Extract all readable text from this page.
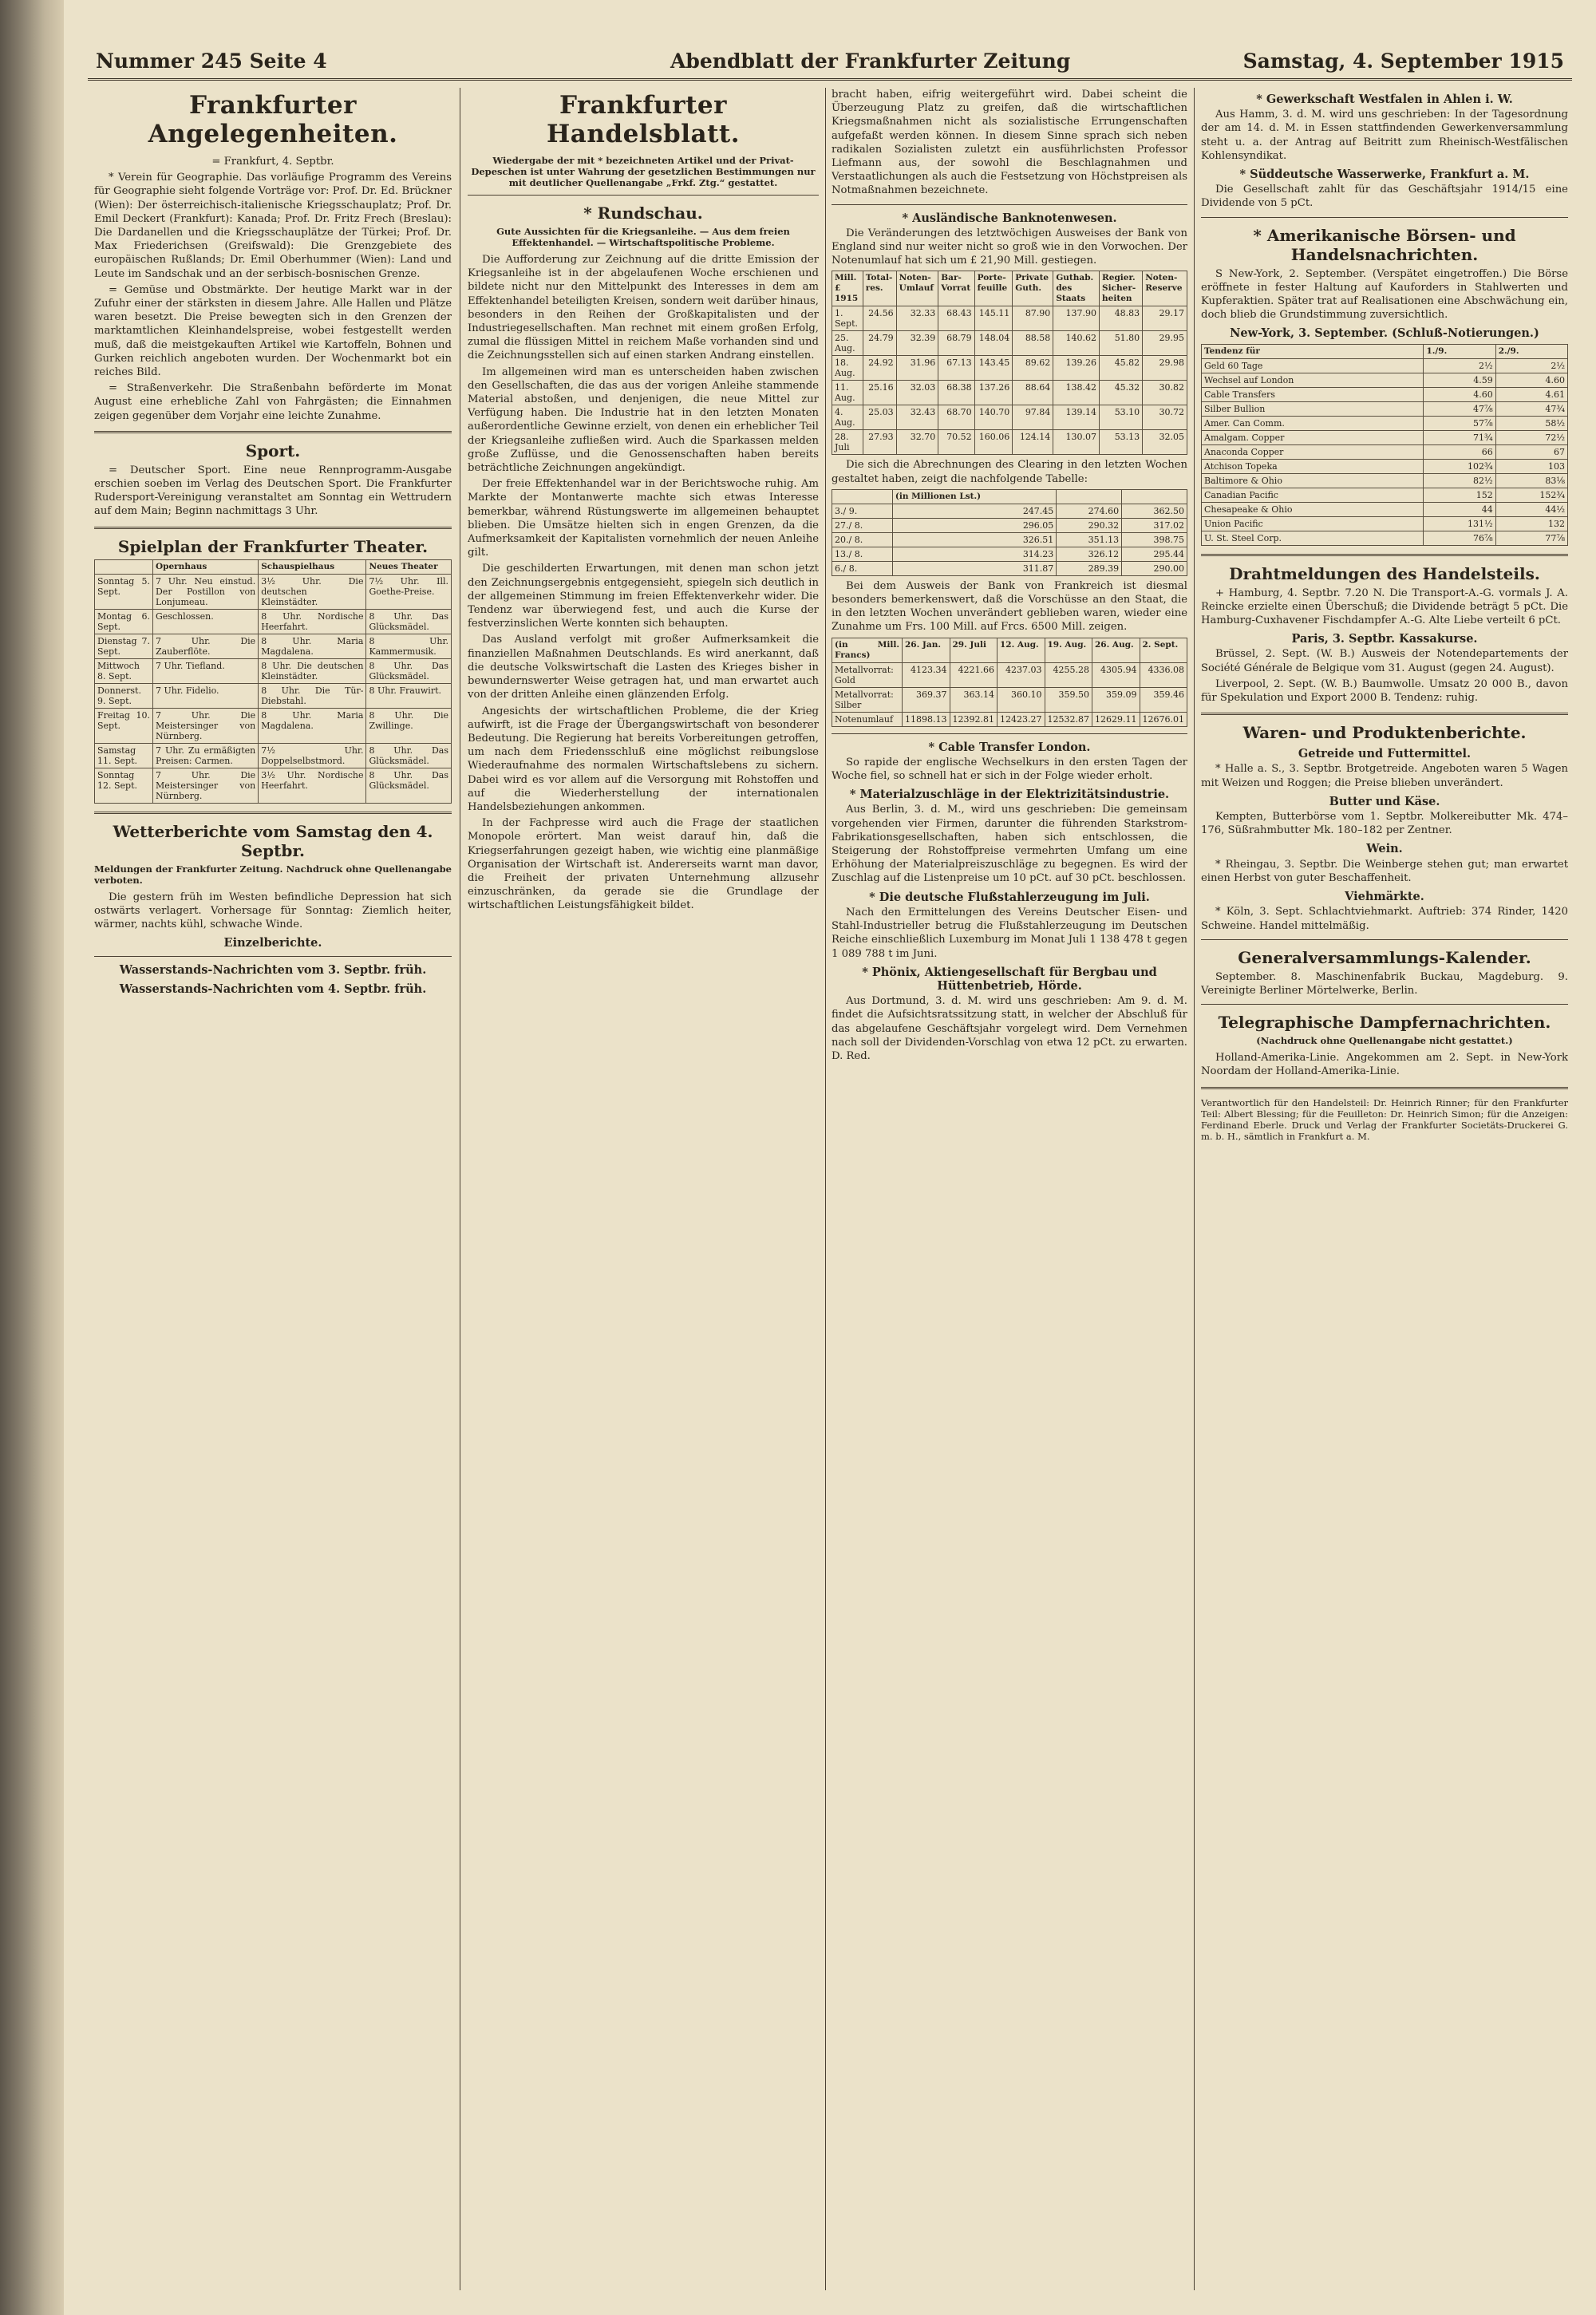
Nummer 245 Seite 4	Abendblatt der Frankfurter Zeitung	Samstag, 4. September 1915
Frankfurter Angelegenheiten.

= Frankfurt, 4. Septbr.

* Verein für Geographie. Das vorläufige Programm des Vereins für Geographie sieht folgende Vorträge vor: Prof. Dr. Ed. Brückner (Wien): Der österreichisch-italienische Kriegsschauplatz; Prof. Dr. Emil Deckert (Frankfurt): Kanada; Prof. Dr. Fritz Frech (Breslau): Die Dardanellen und die Kriegsschauplätze der Türkei; Prof. Dr. Max Friederichsen (Greifswald): Die Grenzgebiete des europäischen Rußlands; Dr. Emil Oberhummer (Wien): Land und Leute im Sandschak und an der serbisch-bosnischen Grenze.

= Gemüse und Obstmärkte. Der heutige Markt war in der Zufuhr einer der stärksten in diesem Jahre. Alle Hallen und Plätze waren besetzt. Die Preise bewegten sich in den Grenzen der marktamtlichen Kleinhandelspreise, wobei festgestellt werden muß, daß die meistgekauften Artikel wie Kartoffeln, Bohnen und Gurken reichlich angeboten wurden. Der Wochenmarkt bot ein reiches Bild.

= Straßenverkehr. Die Straßenbahn beförderte im Monat August eine erhebliche Zahl von Fahrgästen; die Einnahmen zeigen gegenüber dem Vorjahr eine leichte Zunahme.

Sport.

= Deutscher Sport. Eine neue Rennprogramm-Ausgabe erschien soeben im Verlag des Deutschen Sport. Die Frankfurter Rudersport-Vereinigung veranstaltet am Sonntag ein Wettrudern auf dem Main; Beginn nachmittags 3 Uhr.

Spielplan der Frankfurter Theater.
	Opernhaus	Schauspielhaus	Neues Theater
Sonntag 5. Sept.	7 Uhr. Neu einstud. Der Postillon von Lonjumeau.	3½ Uhr. Die deutschen Kleinstädter.	7½ Uhr. Ill. Goethe-Preise.
Montag 6. Sept.	Geschlossen.	8 Uhr. Nordische Heerfahrt.	8 Uhr. Das Glücksmädel.
Dienstag 7. Sept.	7 Uhr. Die Zauberflöte.	8 Uhr. Maria Magdalena.	8 Uhr. Kammermusik.
Mittwoch 8. Sept.	7 Uhr. Tiefland.	8 Uhr. Die deutschen Kleinstädter.	8 Uhr. Das Glücksmädel.
Donnerst. 9. Sept.	7 Uhr. Fidelio.	8 Uhr. Die Tür-Diebstahl.	8 Uhr. Frauwirt.
Freitag 10. Sept.	7 Uhr. Die Meistersinger von Nürnberg.	8 Uhr. Maria Magdalena.	8 Uhr. Die Zwillinge.
Samstag 11. Sept.	7 Uhr. Zu ermäßigten Preisen: Carmen.	7½ Uhr. Doppelselbstmord.	8 Uhr. Das Glücksmädel.
Sonntag 12. Sept.	7 Uhr. Die Meistersinger von Nürnberg.	3½ Uhr. Nordische Heerfahrt.	8 Uhr. Das Glücksmädel.
Wetterberichte vom Samstag den 4. Septbr.

Meldungen der Frankfurter Zeitung. Nachdruck ohne Quellenangabe verboten.

Die gestern früh im Westen befindliche Depression hat sich ostwärts verlagert. Vorhersage für Sonntag: Ziemlich heiter, wärmer, nachts kühl, schwache Winde.

Einzelberichte.
Wasserstands-Nachrichten vom 3. Septbr. früh.
Wasserstands-Nachrichten vom 4. Septbr. früh.
Frankfurter Handelsblatt.

Wiedergabe der mit * bezeichneten Artikel und der Privat-Depeschen ist unter Wahrung der gesetzlichen Bestimmungen nur mit deutlicher Quellenangabe „Frkf. Ztg.“ gestattet.

* Rundschau.

Gute Aussichten für die Kriegsanleihe. — Aus dem freien Effektenhandel. — Wirtschaftspolitische Probleme.

Die Aufforderung zur Zeichnung auf die dritte Emission der Kriegsanleihe ist in der abgelaufenen Woche erschienen und bildete nicht nur den Mittelpunkt des Interesses in dem am Effektenhandel beteiligten Kreisen, sondern weit darüber hinaus, besonders in den Reihen der Großkapitalisten und der Industriegesellschaften. Man rechnet mit einem großen Erfolg, zumal die flüssigen Mittel in reichem Maße vorhanden sind und die Zeichnungsstellen sich auf einen starken Andrang einstellen.

Im allgemeinen wird man es unterscheiden haben zwischen den Gesellschaften, die das aus der vorigen Anleihe stammende Material abstoßen, und denjenigen, die neue Mittel zur Verfügung haben. Die Industrie hat in den letzten Monaten außerordentliche Gewinne erzielt, von denen ein erheblicher Teil der Kriegsanleihe zufließen wird. Auch die Sparkassen melden große Zuflüsse, und die Genossenschaften haben bereits beträchtliche Zeichnungen angekündigt.

Der freie Effektenhandel war in der Berichtswoche ruhig. Am Markte der Montanwerte machte sich etwas Interesse bemerkbar, während Rüstungswerte im allgemeinen behauptet blieben. Die Umsätze hielten sich in engen Grenzen, da die Aufmerksamkeit der Kapitalisten vornehmlich der neuen Anleihe gilt.

Die geschilderten Erwartungen, mit denen man schon jetzt den Zeichnungsergebnis entgegensieht, spiegeln sich deutlich in der allgemeinen Stimmung im freien Effektenverkehr wider. Die Tendenz war überwiegend fest, und auch die Kurse der festverzinslichen Werte konnten sich behaupten.

Das Ausland verfolgt mit großer Aufmerksamkeit die finanziellen Maßnahmen Deutschlands. Es wird anerkannt, daß die deutsche Volkswirtschaft die Lasten des Krieges bisher in bewundernswerter Weise getragen hat, und man erwartet auch von der dritten Anleihe einen glänzenden Erfolg.

Angesichts der wirtschaftlichen Probleme, die der Krieg aufwirft, ist die Frage der Übergangswirtschaft von besonderer Bedeutung. Die Regierung hat bereits Vorbereitungen getroffen, um nach dem Friedensschluß eine möglichst reibungslose Wiederaufnahme des normalen Wirtschaftslebens zu sichern. Dabei wird es vor allem auf die Versorgung mit Rohstoffen und auf die Wiederherstellung der internationalen Handelsbeziehungen ankommen.

In der Fachpresse wird auch die Frage der staatlichen Monopole erörtert. Man weist darauf hin, daß die Kriegserfahrungen gezeigt haben, wie wichtig eine planmäßige Organisation der Wirtschaft ist. Andererseits warnt man davor, die Freiheit der privaten Unternehmung allzusehr einzuschränken, da gerade sie die Grundlage der wirtschaftlichen Leistungsfähigkeit bildet.

bracht haben, eifrig weitergeführt wird. Dabei scheint die Überzeugung Platz zu greifen, daß die wirtschaftlichen Kriegsmaßnahmen nicht als sozialistische Errungenschaften aufgefaßt werden können. In diesem Sinne sprach sich neben radikalen Sozialisten zuletzt ein ausführlichsten Professor Liefmann aus, der sowohl die Beschlagnahmen und Verstaatlichungen als auch die Festsetzung von Höchstpreisen als Notmaßnahmen bezeichnete.

* Ausländische Banknotenwesen.

Die Veränderungen des letztwöchigen Ausweises der Bank von England sind nur weiter nicht so groß wie in den Vorwochen. Der Notenumlauf hat sich um £ 21,90 Mill. gestiegen.

Mill. £ 1915	Total-res.	Noten-Umlauf	Bar-Vorrat	Porte-feuille	Private Guth.	Guthab. des Staats	Regier. Sicher-heiten	Noten-Reserve
1. Sept.	24.56	32.33	68.43	145.11	87.90	137.90	48.83	29.17
25. Aug.	24.79	32.39	68.79	148.04	88.58	140.62	51.80	29.95
18. Aug.	24.92	31.96	67.13	143.45	89.62	139.26	45.82	29.98
11. Aug.	25.16	32.03	68.38	137.26	88.64	138.42	45.32	30.82
4. Aug.	25.03	32.43	68.70	140.70	97.84	139.14	53.10	30.72
28. Juli	27.93	32.70	70.52	160.06	124.14	130.07	53.13	32.05

Die sich die Abrechnungen des Clearing in den letzten Wochen gestaltet haben, zeigt die nachfolgende Tabelle:

	(in Millionen Lst.)		
3./ 9.	247.45	274.60	362.50
27./ 8.	296.05	290.32	317.02
20./ 8.	326.51	351.13	398.75
13./ 8.	314.23	326.12	295.44
6./ 8.	311.87	289.39	290.00

Bei dem Ausweis der Bank von Frankreich ist diesmal besonders bemerkenswert, daß die Vorschüsse an den Staat, die in den letzten Wochen unverändert geblieben waren, wieder eine Zunahme um Frs. 100 Mill. auf Frcs. 6500 Mill. zeigen.

(in Mill. Francs)	26. Jan.	29. Juli	12. Aug.	19. Aug.	26. Aug.	2. Sept.
Metallvorrat: Gold	4123.34	4221.66	4237.03	4255.28	4305.94	4336.08
Metallvorrat: Silber	369.37	363.14	360.10	359.50	359.09	359.46
Notenumlauf	11898.13	12392.81	12423.27	12532.87	12629.11	12676.01
* Cable Transfer London.

So rapide der englische Wechselkurs in den ersten Tagen der Woche fiel, so schnell hat er sich in der Folge wieder erholt.

* Materialzuschläge in der Elektrizitätsindustrie.

Aus Berlin, 3. d. M., wird uns geschrieben: Die gemeinsam vorgehenden vier Firmen, darunter die führenden Starkstrom-Fabrikationsgesellschaften, haben sich entschlossen, die Steigerung der Rohstoffpreise vermehrten Umfang um eine Erhöhung der Materialpreiszuschläge zu begegnen. Es wird der Zuschlag auf die Listenpreise um 10 pCt. auf 30 pCt. beschlossen.

* Die deutsche Flußstahlerzeugung im Juli.

Nach den Ermittelungen des Vereins Deutscher Eisen- und Stahl-Industrieller betrug die Flußstahlerzeugung im Deutschen Reiche einschließlich Luxemburg im Monat Juli 1 138 478 t gegen 1 089 788 t im Juni.

* Phönix, Aktiengesellschaft für Bergbau und Hüttenbetrieb, Hörde.

Aus Dortmund, 3. d. M. wird uns geschrieben: Am 9. d. M. findet die Aufsichtsratssitzung statt, in welcher der Abschluß für das abgelaufene Geschäftsjahr vorgelegt wird. Dem Vernehmen nach soll der Dividenden-Vorschlag von etwa 12 pCt. zu erwarten. D. Red.

* Gewerkschaft Westfalen in Ahlen i. W.

Aus Hamm, 3. d. M. wird uns geschrieben: In der Tagesordnung der am 14. d. M. in Essen stattfindenden Gewerkenversammlung steht u. a. der Antrag auf Beitritt zum Rheinisch-Westfälischen Kohlensyndikat.

* Süddeutsche Wasserwerke, Frankfurt a. M.

Die Gesellschaft zahlt für das Geschäftsjahr 1914/15 eine Dividende von 5 pCt.

* Amerikanische Börsen- und Handelsnachrichten.

S New-York, 2. September. (Verspätet eingetroffen.) Die Börse eröffnete in fester Haltung auf Kauforders in Stahlwerten und Kupferaktien. Später trat auf Realisationen eine Abschwächung ein, doch blieb die Grundstimmung zuversichtlich.

New-York, 3. September. (Schluß-Notierungen.)
Tendenz für	1./9.	2./9.
Geld 60 Tage	2½	2½
Wechsel auf London	4.59	4.60
Cable Transfers	4.60	4.61
Silber Bullion	47⅞	47¾
Amer. Can Comm.	57⅞	58½
Amalgam. Copper	71¾	72½
Anaconda Copper	66	67
Atchison Topeka	102¾	103
Baltimore & Ohio	82½	83⅛
Canadian Pacific	152	152¾
Chesapeake & Ohio	44	44½
Union Pacific	131½	132
U. St. Steel Corp.	76⅞	77⅞
Drahtmeldungen des Handelsteils.

+ Hamburg, 4. Septbr. 7.20 N. Die Transport-A.-G. vormals J. A. Reincke erzielte einen Überschuß; die Dividende beträgt 5 pCt. Die Hamburg-Cuxhavener Fischdampfer A.-G. Alte Liebe verteilt 6 pCt.

Paris, 3. Septbr. Kassakurse.

Brüssel, 2. Sept. (W. B.) Ausweis der Notendepartements der Société Générale de Belgique vom 31. August (gegen 24. August).

Liverpool, 2. Sept. (W. B.) Baumwolle. Umsatz 20 000 B., davon für Spekulation und Export 2000 B. Tendenz: ruhig.

Waren- und Produktenberichte.
Getreide und Futtermittel.

* Halle a. S., 3. Septbr. Brotgetreide. Angeboten waren 5 Wagen mit Weizen und Roggen; die Preise blieben unverändert.

Butter und Käse.

Kempten, Butterbörse vom 1. Septbr. Molkereibutter Mk. 474–176, Süßrahmbutter Mk. 180–182 per Zentner.

Wein.

* Rheingau, 3. Septbr. Die Weinberge stehen gut; man erwartet einen Herbst von guter Beschaffenheit.

Viehmärkte.

* Köln, 3. Sept. Schlachtviehmarkt. Auftrieb: 374 Rinder, 1420 Schweine. Handel mittelmäßig.

Generalversammlungs-Kalender.

September. 8. Maschinenfabrik Buckau, Magdeburg. 9. Vereinigte Berliner Mörtelwerke, Berlin.

Telegraphische Dampfernachrichten.

(Nachdruck ohne Quellenangabe nicht gestattet.)

Holland-Amerika-Linie. Angekommen am 2. Sept. in New-York Noordam der Holland-Amerika-Linie.

Verantwortlich für den Handelsteil: Dr. Heinrich Rinner; für den Frankfurter Teil: Albert Blessing; für die Feuilleton: Dr. Heinrich Simon; für die Anzeigen: Ferdinand Eberle. Druck und Verlag der Frankfurter Societäts-Druckerei G. m. b. H., sämtlich in Frankfurt a. M.
